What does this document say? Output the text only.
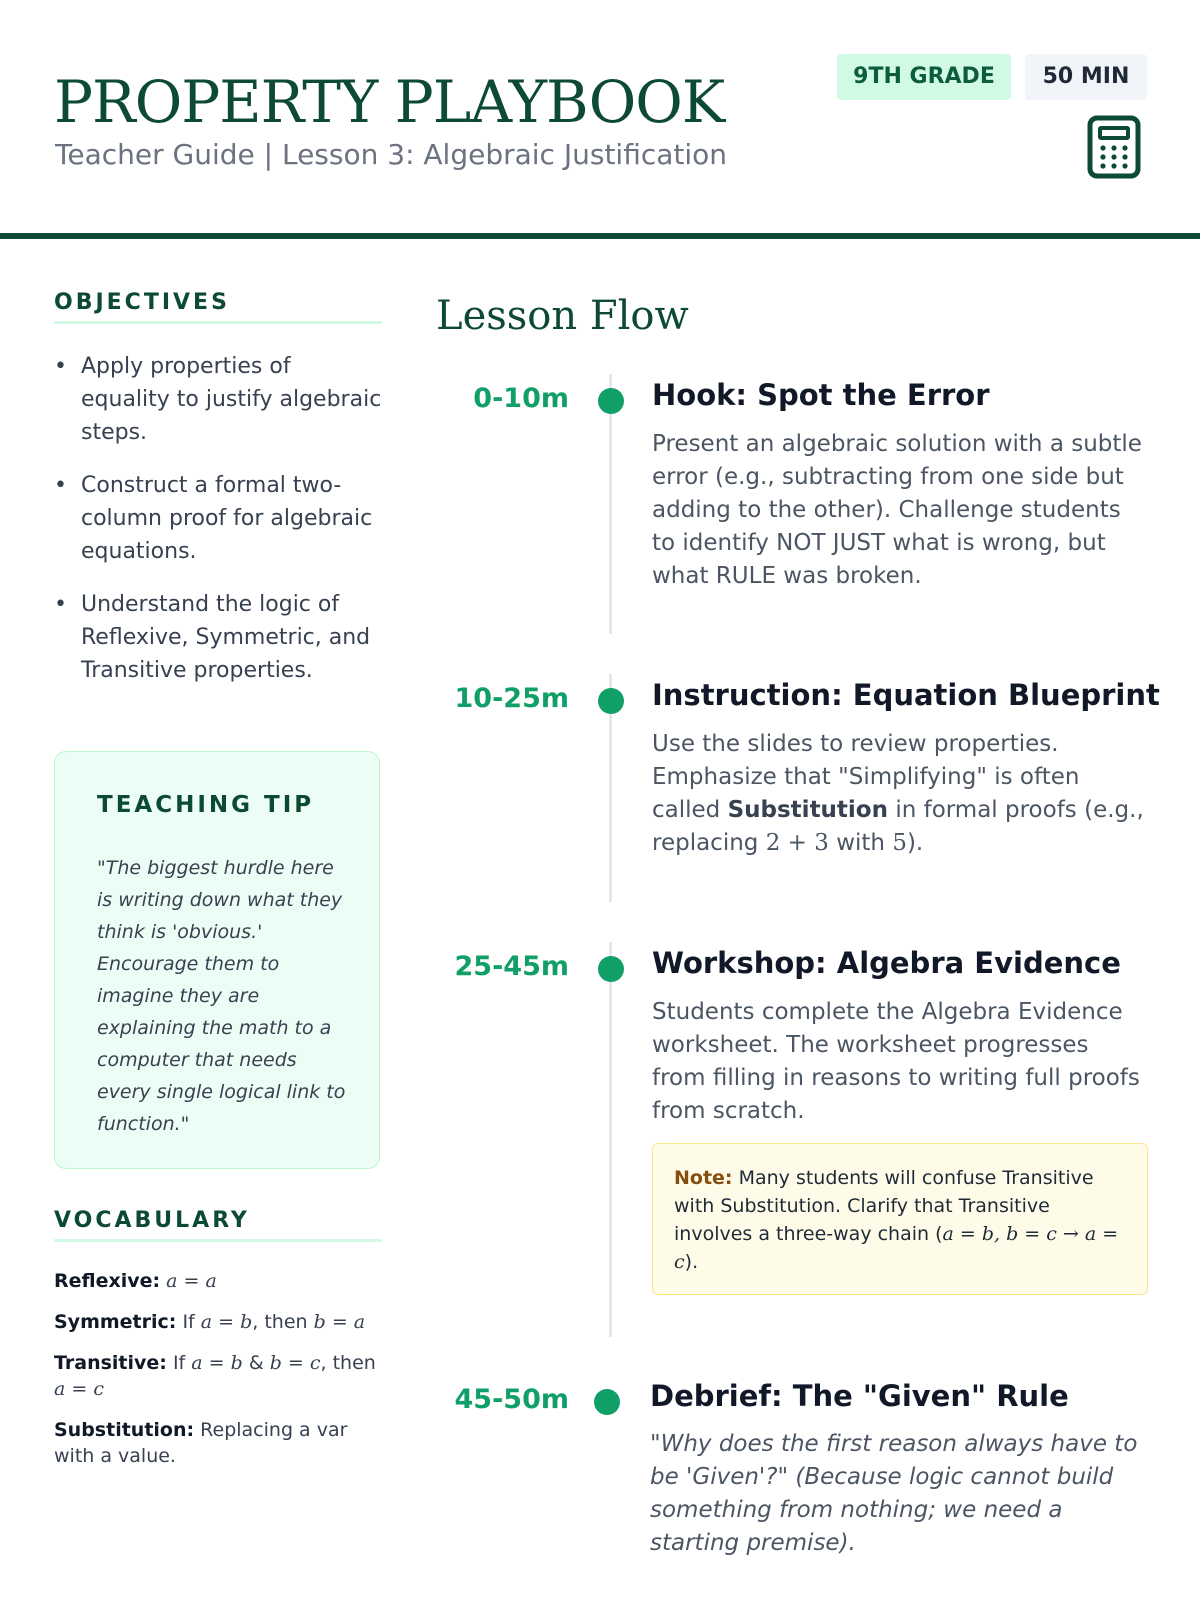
PROPERTY PLAYBOOK

Teacher Guide | Lesson 3: Algebraic Justification

9TH GRADE	50 MIN
OBJECTIVES
• Apply properties of equality to justify algebraic steps.
• Construct a formal two-column proof for algebraic equations.
• Understand the logic of Reflexive, Symmetric, and Transitive properties.
TEACHING TIP

"The biggest hurdle here is writing down what they think is 'obvious.' Encourage them to imagine they are explaining the math to a computer that needs every single logical link to function."

VOCABULARY
Reflexive: a = a
Symmetric: If a = b, then b = a
Transitive: If a = b & b = c, then a = c
Substitution: Replacing a var with a value.
Lesson Flow
0-10m	Hook: Spot the Error

Present an algebraic solution with a subtle error (e.g., subtracting from one side but adding to the other). Challenge students to identify NOT JUST what is wrong, but what RULE was broken.

10-25m	Instruction: Equation Blueprint

Use the slides to review properties. Emphasize that "Simplifying" is often called Substitution in formal proofs (e.g., replacing 2 + 3 with 5).

25-45m	Workshop: Algebra Evidence

Students complete the Algebra Evidence worksheet. The worksheet progresses from filling in reasons to writing full proofs from scratch.

Note: Many students will confuse Transitive with Substitution. Clarify that Transitive involves a three-way chain (a = b, b = c → a = c).

45-50m	Debrief: The "Given" Rule

"Why does the first reason always have to be 'Given'?" (Because logic cannot build something from nothing; we need a starting premise).
